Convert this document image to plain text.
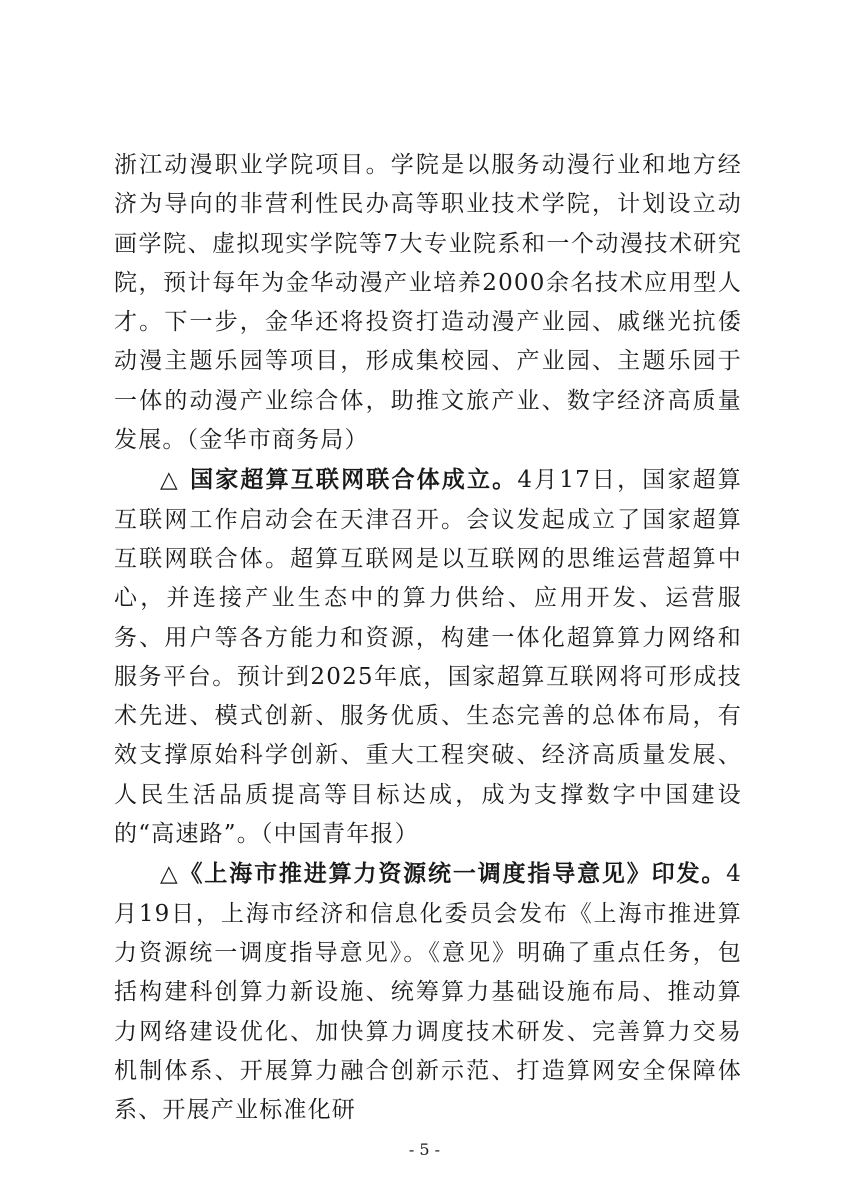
浙江动漫职业学院项目。学院是以服务动漫行业和地方经济为导向的非营利性民办高等职业技术学院，计划设立动画学院、虚拟现实学院等7大专业院系和一个动漫技术研究院，预计每年为金华动漫产业培养2000余名技术应用型人才。下一步，金华还将投资打造动漫产业园、戚继光抗倭动漫主题乐园等项目，形成集校园、产业园、主题乐园于一体的动漫产业综合体，助推文旅产业、数字经济高质量发展。（金华市商务局）

△ 国家超算互联网联合体成立。4月17日，国家超算互联网工作启动会在天津召开。会议发起成立了国家超算互联网联合体。超算互联网是以互联网的思维运营超算中心，并连接产业生态中的算力供给、应用开发、运营服务、用户等各方能力和资源，构建一体化超算算力网络和服务平台。预计到2025年底，国家超算互联网将可形成技术先进、模式创新、服务优质、生态完善的总体布局，有效支撑原始科学创新、重大工程突破、经济高质量发展、人民生活品质提高等目标达成，成为支撑数字中国建设的“高速路”。（中国青年报）

△《上海市推进算力资源统一调度指导意见》印发。4月19日，上海市经济和信息化委员会发布《上海市推进算力资源统一调度指导意见》。《意见》明确了重点任务，包括构建科创算力新设施、统筹算力基础设施布局、推动算力网络建设优化、加快算力调度技术研发、完善算力交易机制体系、开展算力融合创新示范、打造算网安全保障体系、开展产业标准化研

- 5 -
